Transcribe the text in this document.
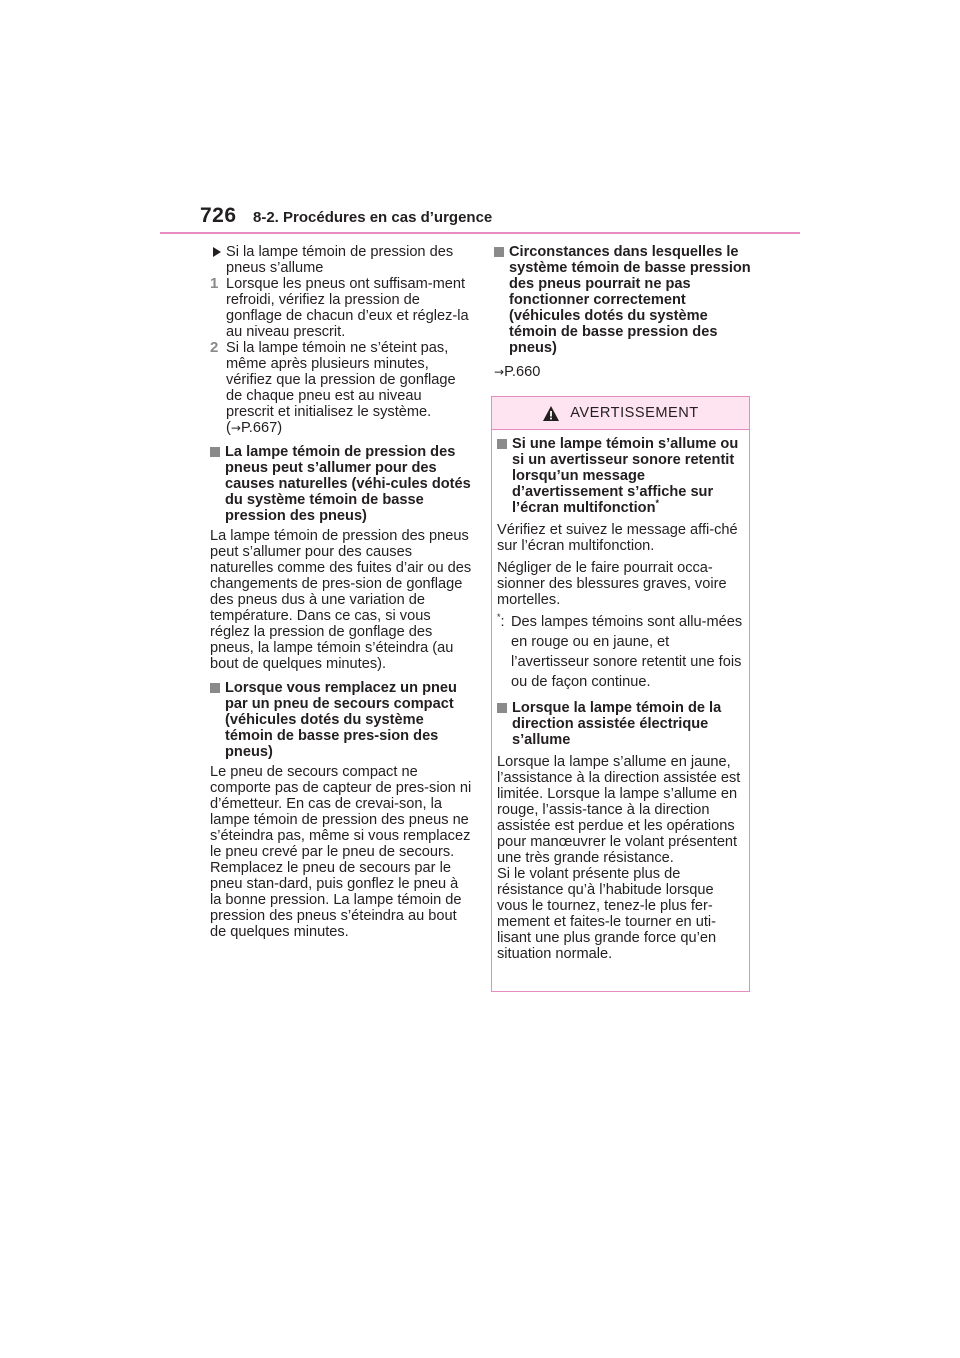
726 8-2. Procédures en cas d’urgence
Si la lampe témoin de pression des pneus s’allume
1 Lorsque les pneus ont suffisam-ment refroidi, vérifiez la pression de gonflage de chacun d’eux et réglez-la au niveau prescrit.
2 Si la lampe témoin ne s’éteint pas, même après plusieurs minutes, vérifiez que la pression de gonflage de chaque pneu est au niveau prescrit et initialisez le système. (→P.667)
La lampe témoin de pression des pneus peut s’allumer pour des causes naturelles (véhi-cules dotés du système témoin de basse pression des pneus)

La lampe témoin de pression des pneus peut s’allumer pour des causes naturelles comme des fuites d’air ou des changements de pres-sion de gonflage des pneus dus à une variation de température. Dans ce cas, si vous réglez la pression de gonflage des pneus, la lampe témoin s’éteindra (au bout de quelques minutes).

Lorsque vous remplacez un pneu par un pneu de secours compact (véhicules dotés du système témoin de basse pres-sion des pneus)

Le pneu de secours compact ne comporte pas de capteur de pres-sion ni d’émetteur. En cas de crevai-son, la lampe témoin de pression des pneus ne s’éteindra pas, même si vous remplacez le pneu crevé par le pneu de secours. Remplacez le pneu de secours par le pneu stan-dard, puis gonflez le pneu à la bonne pression. La lampe témoin de pression des pneus s’éteindra au bout de quelques minutes.

Circonstances dans lesquelles le système témoin de basse pression des pneus pourrait ne pas fonctionner correctement (véhicules dotés du système témoin de basse pression des pneus)

→P.660

AVERTISSEMENT
Si une lampe témoin s’allume ou si un avertisseur sonore retentit lorsqu’un message d’avertissement s’affiche sur l’écran multifonction*

Vérifiez et suivez le message affi-ché sur l’écran multifonction.

Négliger de le faire pourrait occa-sionner des blessures graves, voire mortelles.

*: Des lampes témoins sont allu-mées en rouge ou en jaune, et l’avertisseur sonore retentit une fois ou de façon continue.
Lorsque la lampe témoin de la direction assistée électrique s’allume

Lorsque la lampe s’allume en jaune, l’assistance à la direction assistée est limitée. Lorsque la lampe s’allume en rouge, l’assis-tance à la direction assistée est perdue et les opérations pour manœuvrer le volant présentent une très grande résistance.

Si le volant présente plus de résistance qu’à l’habitude lorsque vous le tournez, tenez-le plus fer-mement et faites-le tourner en uti-lisant une plus grande force qu’en situation normale.
